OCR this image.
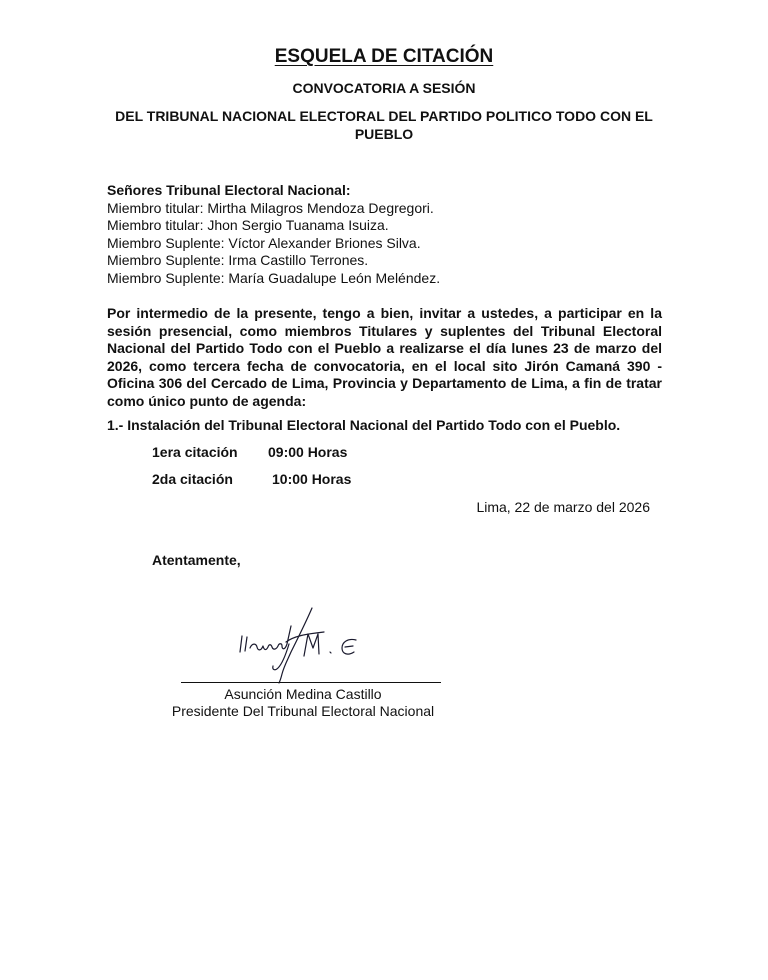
ESQUELA DE CITACIÓN
CONVOCATORIA A SESIÓN
DEL TRIBUNAL NACIONAL ELECTORAL DEL PARTIDO POLITICO TODO CON EL PUEBLO
Señores Tribunal Electoral Nacional:
Miembro titular: Mirtha Milagros Mendoza Degregori.
Miembro titular: Jhon Sergio Tuanama Isuiza.
Miembro Suplente: Víctor Alexander Briones Silva.
Miembro Suplente: Irma Castillo Terrones.
Miembro Suplente: María Guadalupe León Meléndez.
Por intermedio de la presente, tengo a bien, invitar a ustedes, a participar en la sesión presencial, como miembros Titulares y suplentes del Tribunal Electoral Nacional del Partido Todo con el Pueblo a realizarse el día lunes 23 de marzo del 2026, como tercera fecha de convocatoria, en el local sito Jirón Camaná 390 -Oficina 306 del Cercado de Lima, Provincia y Departamento de Lima, a fin de tratar como único punto de agenda:
1.- Instalación del Tribunal Electoral Nacional del Partido Todo con el Pueblo.
1era citación 09:00 Horas
2da citación	10:00 Horas
Lima, 22 de marzo del 2026
Atentamente,
Asunción Medina Castillo
Presidente Del Tribunal Electoral Nacional
